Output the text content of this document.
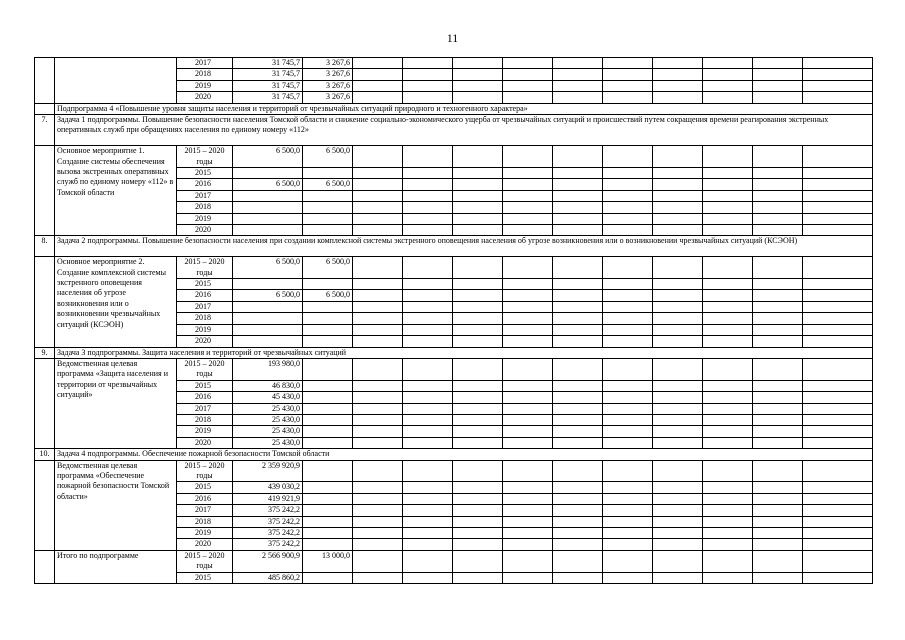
11
		2017	31 745,7	3 267,6											
		2018	31 745,7	3 267,6											
		2019	31 745,7	3 267,6											
		2020	31 745,7	3 267,6											
	Подпрограмма 4 «Повышение уровня защиты населения и территорий от чрезвычайных ситуаций природного и техногенного характера»														
7.	Задача 1 подпрограммы. Повышение безопасности населения Томской области и снижение социально-экономического ущерба от чрезвычайных ситуаций и происшествий путем сокращения времени реагирования экстренных оперативных служб при обращениях населения по единому номеру «112»														
	Основное мероприятие 1. Создание системы обеспечения вызова экстренных оперативных служб по единому номеру «112» в Томской области	2015 – 2020 годы	6 500,0	6 500,0											
		2015													
		2016	6 500,0	6 500,0											
		2017													
		2018													
		2019													
		2020													
8.	Задача 2 подпрограммы. Повышение безопасности населения при создании комплексной системы экстренного оповещения населения об угрозе возникновения или о возникновении чрезвычайных ситуаций (КСЭОН)														
	Основное мероприятие 2. Создание комплексной системы экстренного оповещения населения об угрозе возникновения или о возникновении чрезвычайных ситуаций (КСЭОН)	2015 – 2020 годы	6 500,0	6 500,0											
		2015													
		2016	6 500,0	6 500,0											
		2017													
		2018													
		2019													
		2020													
9.	Задача 3 подпрограммы. Защита населения и территорий от чрезвычайных ситуаций														
	Ведомственная целевая программа «Защита населения и территории от чрезвычайных ситуаций»	2015 – 2020 годы	193 980,0												
		2015	46 830,0												
		2016	45 430,0												
		2017	25 430,0												
		2018	25 430,0												
		2019	25 430,0												
		2020	25 430,0												
10.	Задача 4 подпрограммы. Обеспечение пожарной безопасности Томской области														
	Ведомственная целевая программа «Обеспечение пожарной безопасности Томской области»	2015 – 2020 годы	2 359 920,9												
		2015	439 030,2												
		2016	419 921,9												
		2017	375 242,2												
		2018	375 242,2												
		2019	375 242,2												
		2020	375 242,2												
	Итого по подпрограмме	2015 – 2020 годы	2 566 900,9	13 000,0											
		2015	485 860,2												
